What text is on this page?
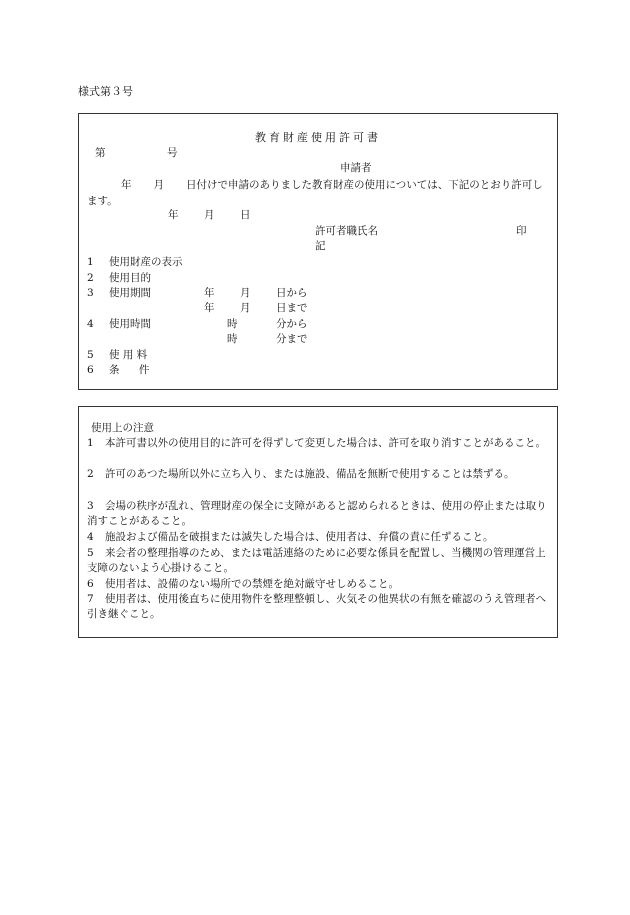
様式第３号
教育財産使用許可書
第	号
申請者
年 月 日付けで申請のありました教育財産の使用については、下記のとおり許可します。
年 月 日
許可者職氏名	印
記
1 使用財産の表示
2 使用目的
3 使用期間	年 月 日から
年 月 日まで
4 使用時間	時	分から
時	分まで
5 使 用 料
6 条 件
使用上の注意
1 本許可書以外の使用目的に許可を得ずして変更した場合は、許可を取り消すことがあること。
2 許可のあつた場所以外に立ち入り、または施設、備品を無断で使用することは禁ずる。
3 会場の秩序が乱れ、管理財産の保全に支障があると認められるときは、使用の停止または取り消すことがあること。
4 施設および備品を破損または滅失した場合は、使用者は、弁償の責に任ずること。
5 来会者の整理指導のため、または電話連絡のために必要な係員を配置し、当機関の管理運営上支障のないよう心掛けること。
6 使用者は、設備のない場所での禁煙を絶対厳守せしめること。
7 使用者は、使用後直ちに使用物件を整理整頓し、火気その他異状の有無を確認のうえ管理者へ引き継ぐこと。
